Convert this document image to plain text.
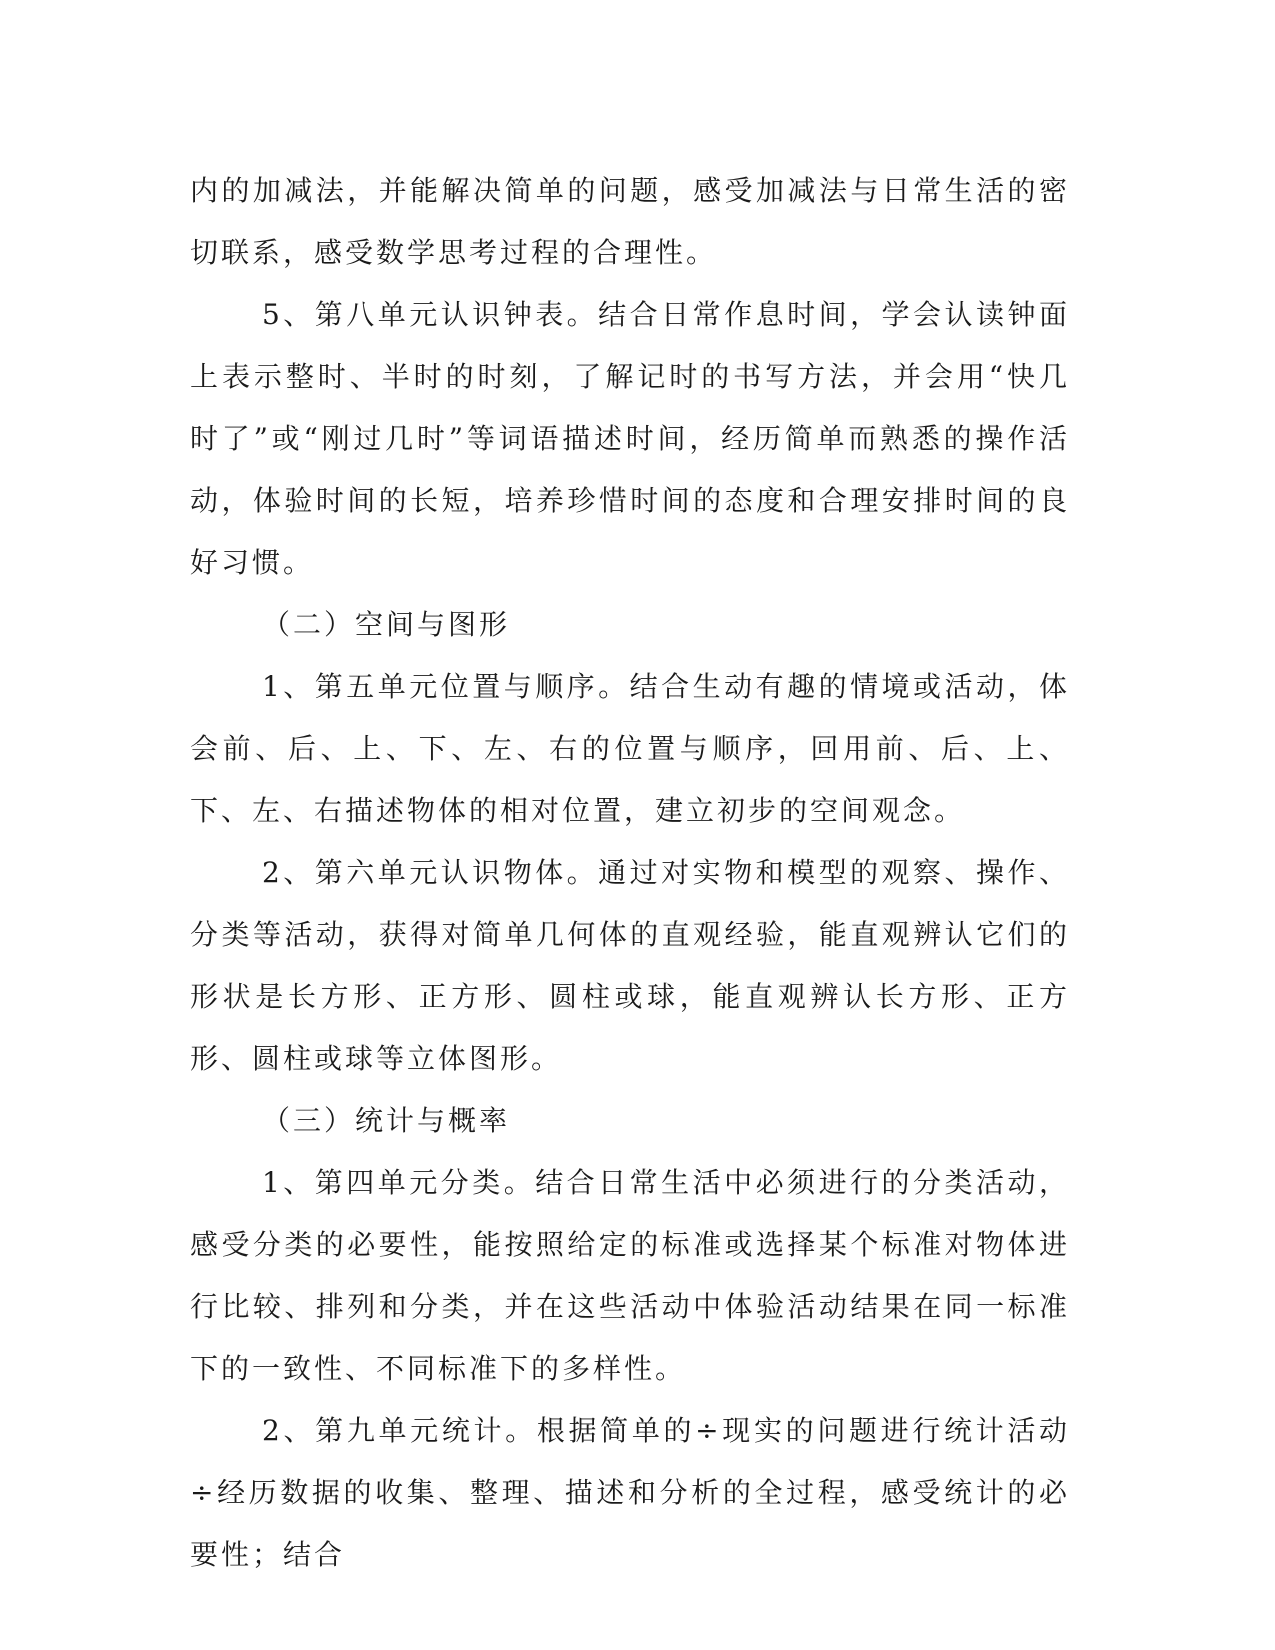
内的加减法，并能解决简单的问题，感受加减法与日常生活的密切联系，感受数学思考过程的合理性。

5、第八单元认识钟表。结合日常作息时间，学会认读钟面上表示整时、半时的时刻，了解记时的书写方法，并会用“快几时了”或“刚过几时”等词语描述时间，经历简单而熟悉的操作活动，体验时间的长短，培养珍惜时间的态度和合理安排时间的良好习惯。

（二）空间与图形

1、第五单元位置与顺序。结合生动有趣的情境或活动，体会前、后、上、下、左、右的位置与顺序，回用前、后、上、下、左、右描述物体的相对位置，建立初步的空间观念。

2、第六单元认识物体。通过对实物和模型的观察、操作、分类等活动，获得对简单几何体的直观经验，能直观辨认它们的形状是长方形、正方形、圆柱或球，能直观辨认长方形、正方形、圆柱或球等立体图形。

（三）统计与概率

1、第四单元分类。结合日常生活中必须进行的分类活动，感受分类的必要性，能按照给定的标准或选择某个标准对物体进行比较、排列和分类，并在这些活动中体验活动结果在同一标准下的一致性、不同标准下的多样性。

2、第九单元统计。根据简单的÷现实的问题进行统计活动÷经历数据的收集、整理、描述和分析的全过程，感受统计的必要性；结合
